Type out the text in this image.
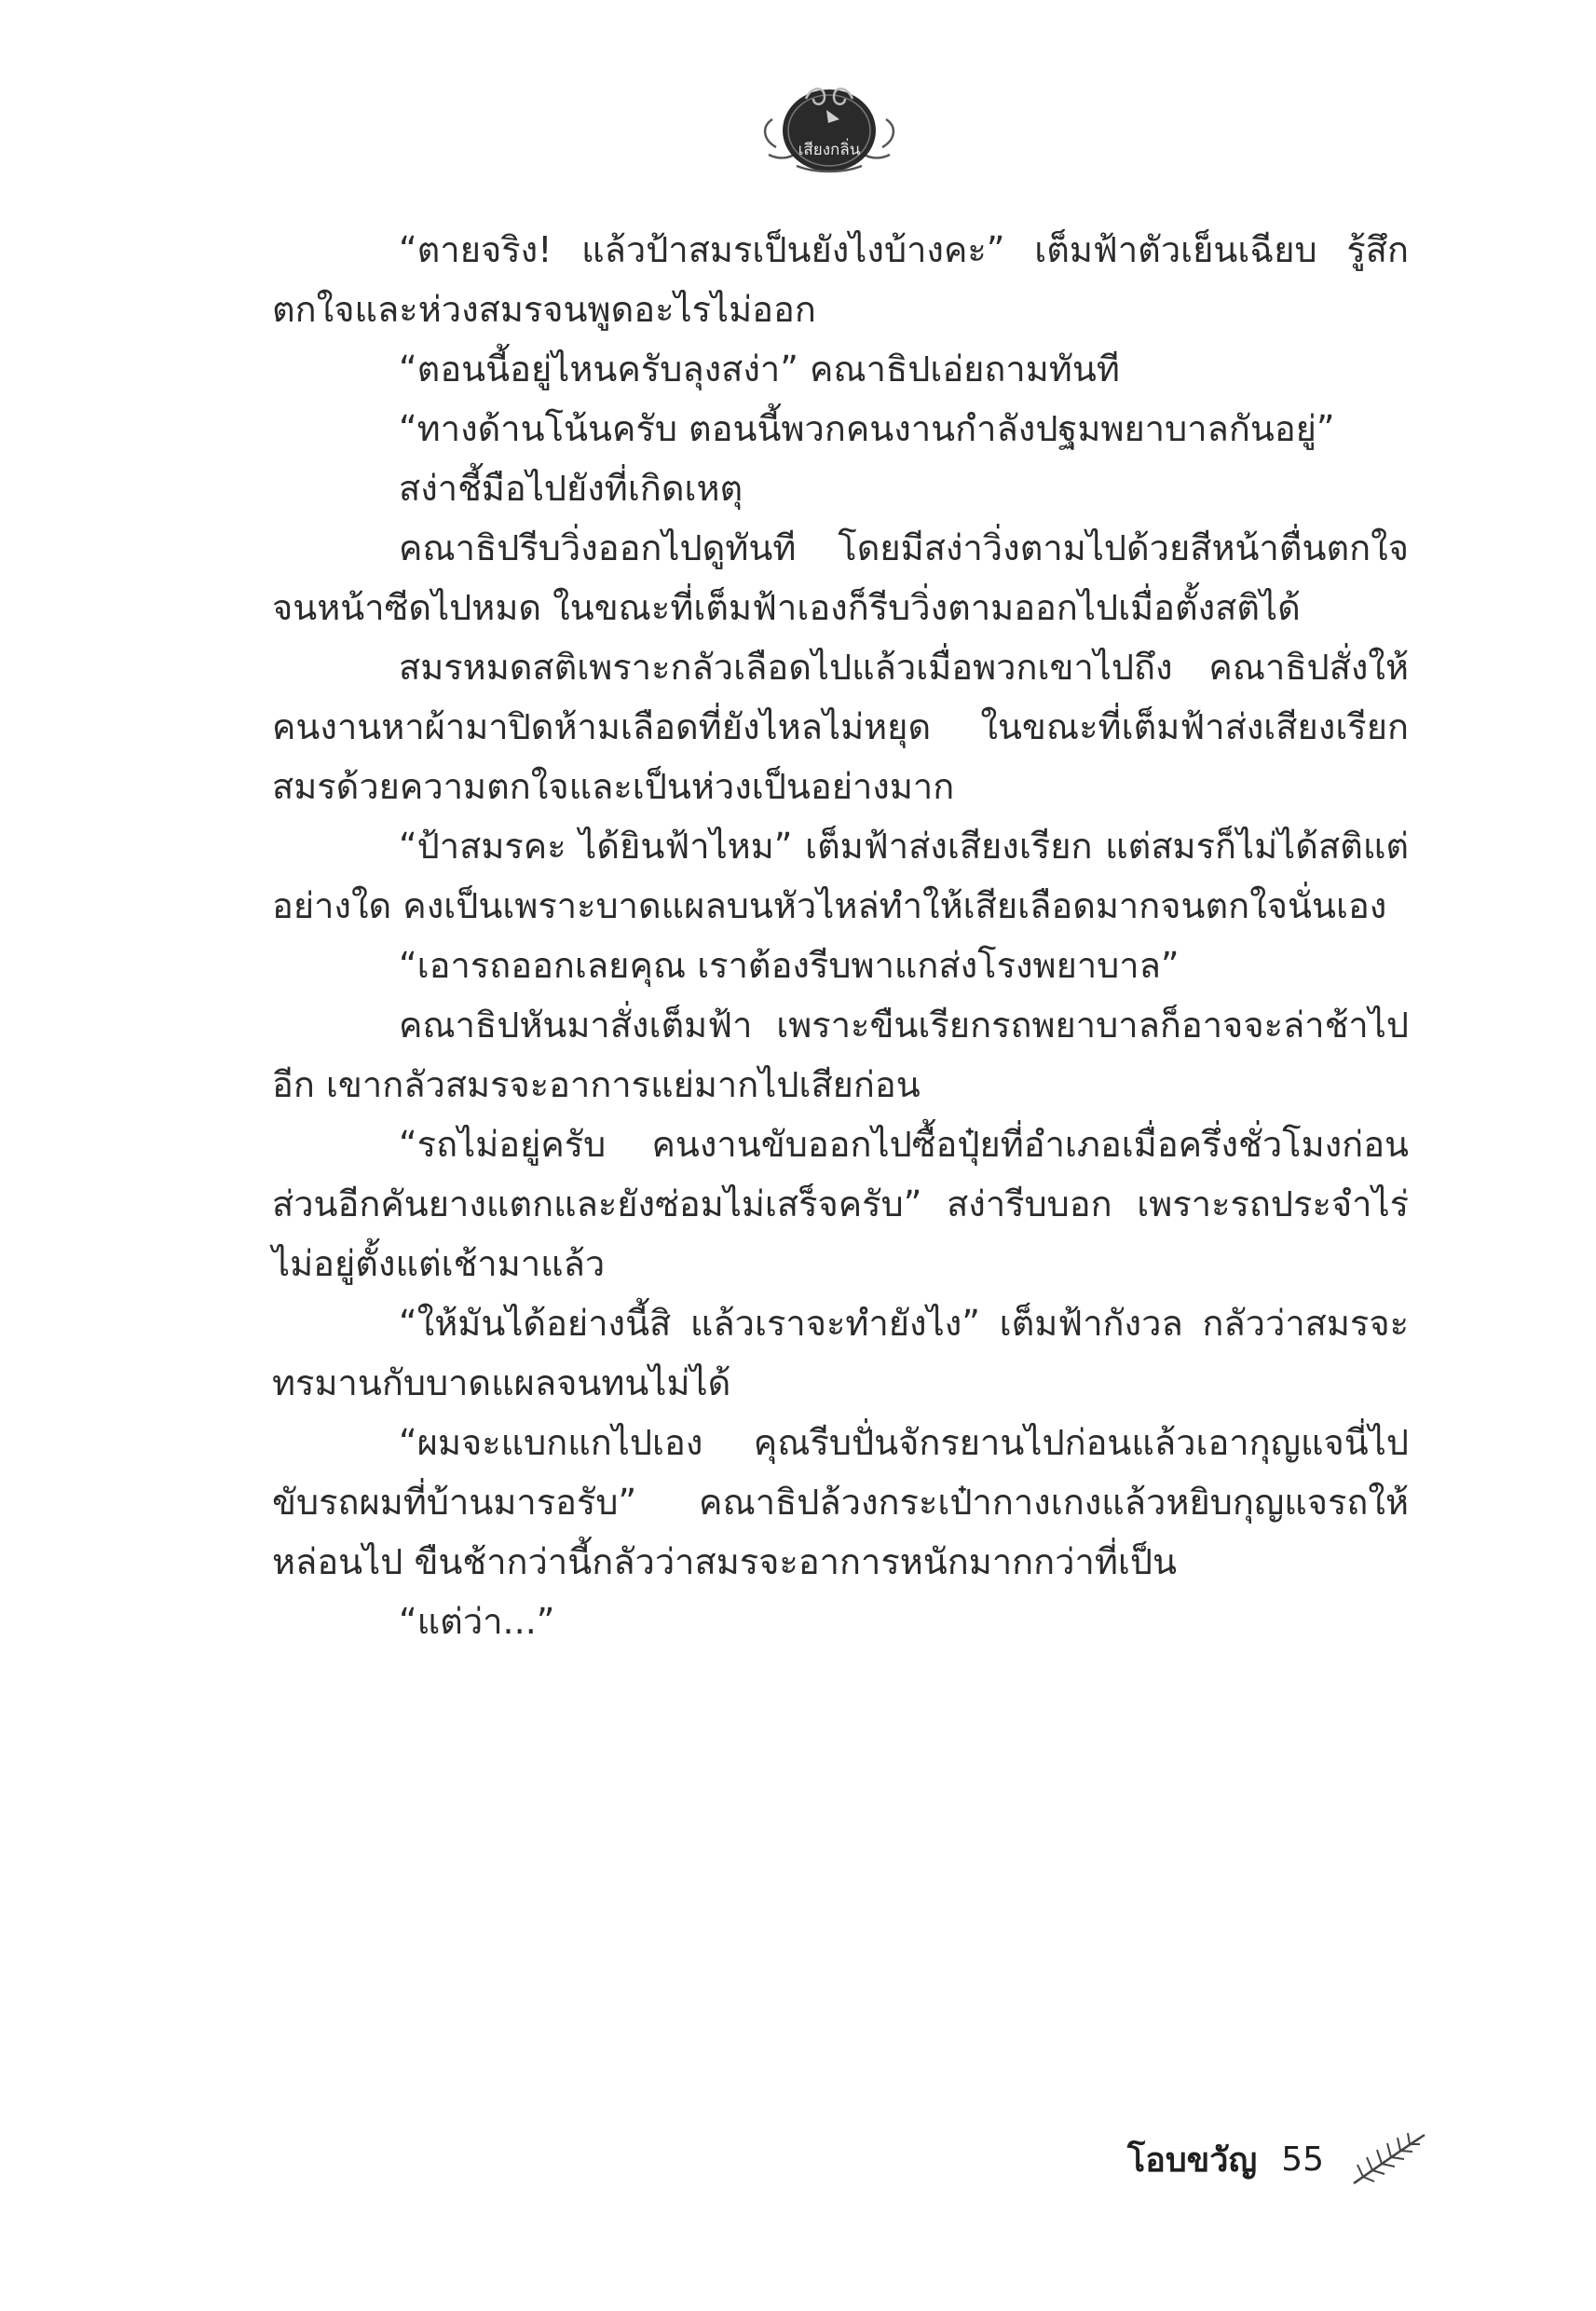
เสียงกลิ่น

“ตายจริง! แล้วป้าสมรเป็นยังไงบ้างคะ” เต็มฟ้าตัวเย็นเฉียบ รู้สึกตกใจและห่วงสมรจนพูดอะไรไม่ออก

“ตอนนี้อยู่ไหนครับลุงสง่า” คณาธิปเอ่ยถามทันที

“ทางด้านโน้นครับ ตอนนี้พวกคนงานกำลังปฐมพยาบาลกันอยู่”

สง่าชี้มือไปยังที่เกิดเหตุ

คณาธิปรีบวิ่งออกไปดูทันที โดยมีสง่าวิ่งตามไปด้วยสีหน้าตื่นตกใจจนหน้าซีดไปหมด ในขณะที่เต็มฟ้าเองก็รีบวิ่งตามออกไปเมื่อตั้งสติได้

สมรหมดสติเพราะกลัวเลือดไปแล้วเมื่อพวกเขาไปถึง คณาธิปสั่งให้คนงานหาผ้ามาปิดห้ามเลือดที่ยังไหลไม่หยุด ในขณะที่เต็มฟ้าส่งเสียงเรียกสมรด้วยความตกใจและเป็นห่วงเป็นอย่างมาก

“ป้าสมรคะ ได้ยินฟ้าไหม” เต็มฟ้าส่งเสียงเรียก แต่สมรก็ไม่ได้สติแต่อย่างใด คงเป็นเพราะบาดแผลบนหัวไหล่ทำให้เสียเลือดมากจนตกใจนั่นเอง

“เอารถออกเลยคุณ เราต้องรีบพาแกส่งโรงพยาบาล”

คณาธิปหันมาสั่งเต็มฟ้า เพราะขืนเรียกรถพยาบาลก็อาจจะล่าช้าไปอีก เขากลัวสมรจะอาการแย่มากไปเสียก่อน

“รถไม่อยู่ครับ คนงานขับออกไปซื้อปุ๋ยที่อำเภอเมื่อครึ่งชั่วโมงก่อน ส่วนอีกคันยางแตกและยังซ่อมไม่เสร็จครับ” สง่ารีบบอก เพราะรถประจำไร่ไม่อยู่ตั้งแต่เช้ามาแล้ว

“ให้มันได้อย่างนี้สิ แล้วเราจะทำยังไง” เต็มฟ้ากังวล กลัวว่าสมรจะทรมานกับบาดแผลจนทนไม่ได้

“ผมจะแบกแกไปเอง คุณรีบปั่นจักรยานไปก่อนแล้วเอากุญแจนี่ไปขับรถผมที่บ้านมารอรับ” คณาธิปล้วงกระเป๋ากางเกงแล้วหยิบกุญแจรถให้หล่อนไป ขืนช้ากว่านี้กลัวว่าสมรจะอาการหนักมากกว่าที่เป็น

“แต่ว่า...”

โอบขวัญ 55
